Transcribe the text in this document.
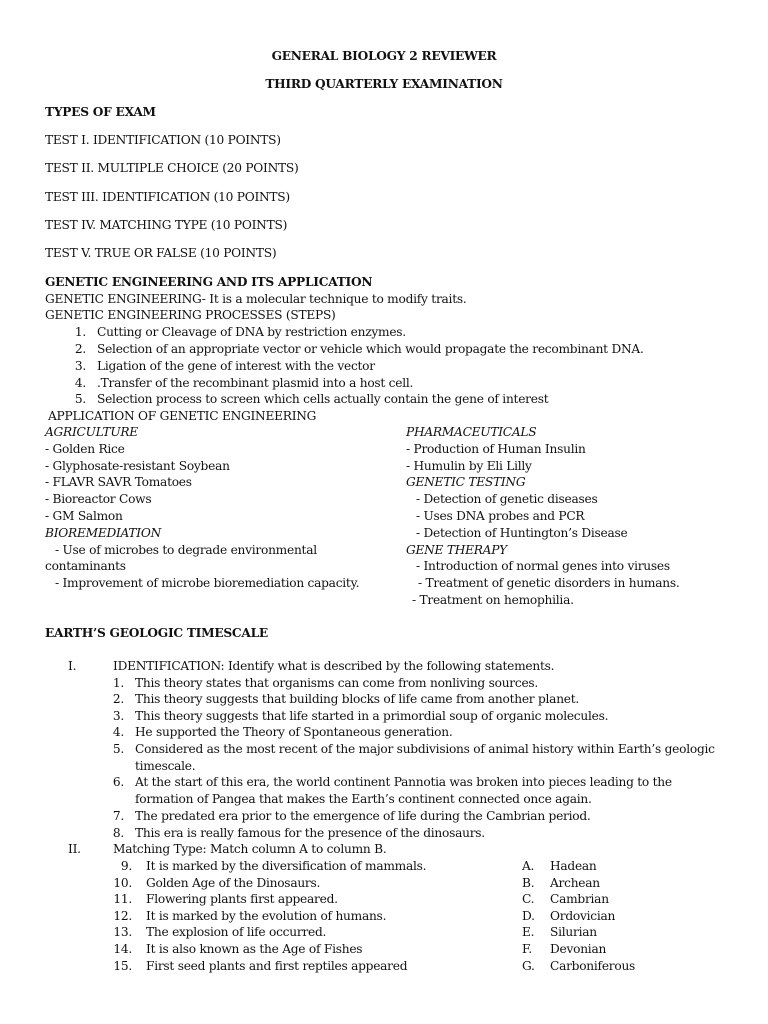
GENERAL BIOLOGY 2 REVIEWER
THIRD QUARTERLY EXAMINATION
TYPES OF EXAM
TEST I. IDENTIFICATION (10 POINTS)
TEST II. MULTIPLE CHOICE (20 POINTS)
TEST III. IDENTIFICATION (10 POINTS)
TEST IV. MATCHING TYPE (10 POINTS)
TEST V. TRUE OR FALSE (10 POINTS)
GENETIC ENGINEERING AND ITS APPLICATION
GENETIC ENGINEERING- It is a molecular technique to modify traits.
GENETIC ENGINEERING PROCESSES (STEPS)
1. Cutting or Cleavage of DNA by restriction enzymes.
2. Selection of an appropriate vector or vehicle which would propagate the recombinant DNA.
3. Ligation of the gene of interest with the vector
4. .Transfer of the recombinant plasmid into a host cell.
5. Selection process to screen which cells actually contain the gene of interest
APPLICATION OF GENETIC ENGINEERING
AGRICULTURE
- Golden Rice
- Glyphosate-resistant Soybean
- FLAVR SAVR Tomatoes
- Bioreactor Cows
- GM Salmon
BIOREMEDIATION
- Use of microbes to degrade environmental
contaminants
- Improvement of microbe bioremediation capacity.
PHARMACEUTICALS
- Production of Human Insulin
- Humulin by Eli Lilly
GENETIC TESTING
- Detection of genetic diseases
- Uses DNA probes and PCR
- Detection of Huntington’s Disease
GENE THERAPY
- Introduction of normal genes into viruses
- Treatment of genetic disorders in humans.
- Treatment on hemophilia.
EARTH’S GEOLOGIC TIMESCALE
I.	IDENTIFICATION: Identify what is described by the following statements.
1. This theory states that organisms can come from nonliving sources.
2. This theory suggests that building blocks of life came from another planet.
3. This theory suggests that life started in a primordial soup of organic molecules.
4. He supported the Theory of Spontaneous generation.
5. Considered as the most recent of the major subdivisions of animal history within Earth’s geologic
timescale.
6. At the start of this era, the world continent Pannotia was broken into pieces leading to the
formation of Pangea that makes the Earth’s continent connected once again.
7. The predated era prior to the emergence of life during the Cambrian period.
8. This era is really famous for the presence of the dinosaurs.
II.	Matching Type: Match column A to column B.
9. It is marked by the diversification of mammals.	A. Hadean
10. Golden Age of the Dinosaurs.	B. Archean
11. Flowering plants first appeared.	C. Cambrian
12. It is marked by the evolution of humans.	D. Ordovician
13. The explosion of life occurred.	E. Silurian
14. It is also known as the Age of Fishes	F. Devonian
15. First seed plants and first reptiles appeared	G. Carboniferous
